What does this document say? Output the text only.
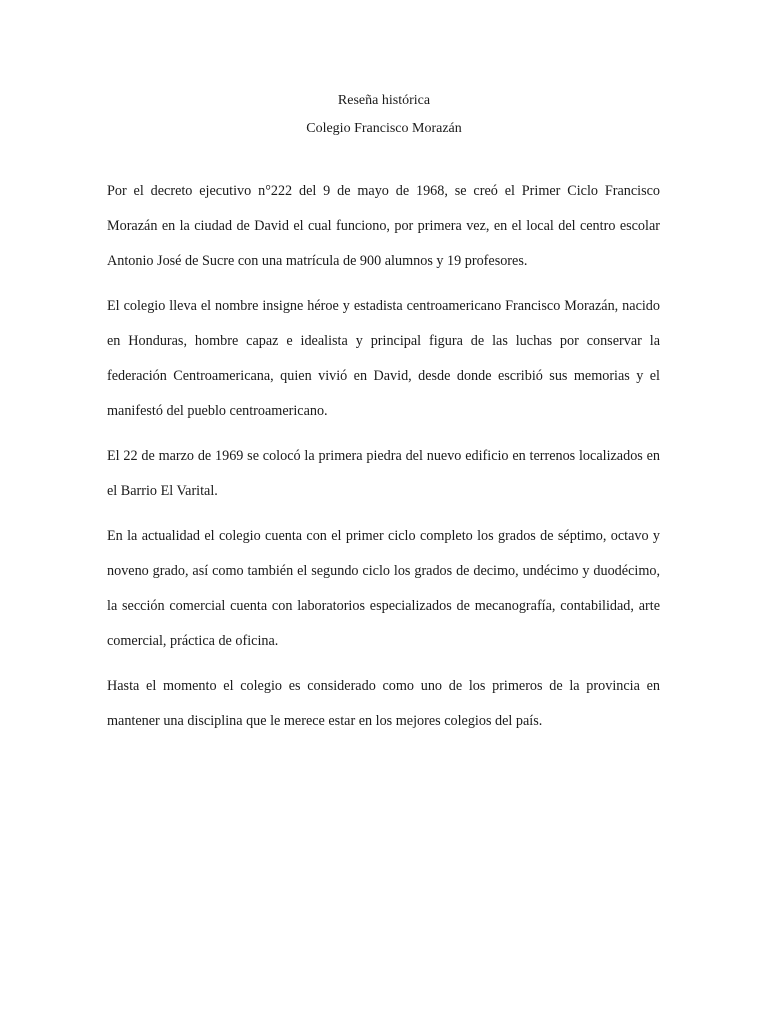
Reseña histórica
Colegio Francisco Morazán

Por el decreto ejecutivo n°222 del 9 de mayo de 1968, se creó el Primer Ciclo Francisco Morazán en la ciudad de David el cual funciono, por primera vez, en el local del centro escolar Antonio José de Sucre con una matrícula de 900 alumnos y 19 profesores.

El colegio lleva el nombre insigne héroe y estadista centroamericano Francisco Morazán, nacido en Honduras, hombre capaz e idealista y principal figura de las luchas por conservar la federación Centroamericana, quien vivió en David, desde donde escribió sus memorias y el manifestó del pueblo centroamericano.

El 22 de marzo de 1969 se colocó la primera piedra del nuevo edificio en terrenos localizados en el Barrio El Varital.

En la actualidad el colegio cuenta con el primer ciclo completo los grados de séptimo, octavo y noveno grado, así como también el segundo ciclo los grados de decimo, undécimo y duodécimo, la sección comercial cuenta con laboratorios especializados de mecanografía, contabilidad, arte comercial, práctica de oficina.

Hasta el momento el colegio es considerado como uno de los primeros de la provincia en mantener una disciplina que le merece estar en los mejores colegios del país.
